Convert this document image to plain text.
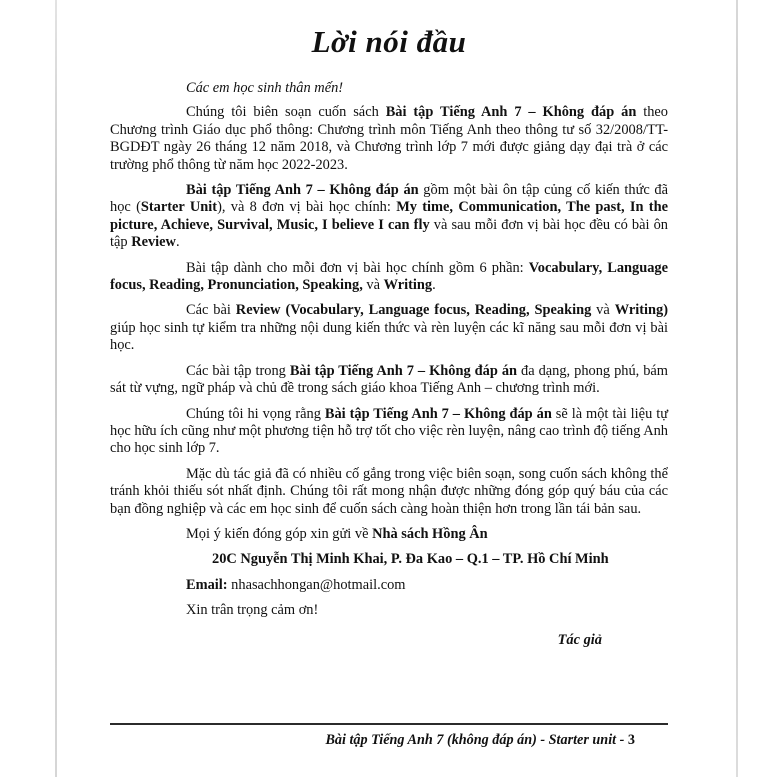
Lời nói đầu

Các em học sinh thân mến!

Chúng tôi biên soạn cuốn sách Bài tập Tiếng Anh 7 – Không đáp án theo Chương trình Giáo dục phổ thông: Chương trình môn Tiếng Anh theo thông tư số 32/2008/TT-BGDĐT ngày 26 tháng 12 năm 2018, và Chương trình lớp 7 mới được giảng dạy đại trà ở các trường phổ thông từ năm học 2022-2023.

Bài tập Tiếng Anh 7 – Không đáp án gồm một bài ôn tập củng cố kiến thức đã học (Starter Unit), và 8 đơn vị bài học chính: My time, Communication, The past, In the picture, Achieve, Survival, Music, I believe I can fly và sau mỗi đơn vị bài học đều có bài ôn tập Review.

Bài tập dành cho mỗi đơn vị bài học chính gồm 6 phần: Vocabulary, Language focus, Reading, Pronunciation, Speaking, và Writing.

Các bài Review (Vocabulary, Language focus, Reading, Speaking và Writing) giúp học sinh tự kiểm tra những nội dung kiến thức và rèn luyện các kĩ năng sau mỗi đơn vị bài học.

Các bài tập trong Bài tập Tiếng Anh 7 – Không đáp án đa dạng, phong phú, bám sát từ vựng, ngữ pháp và chủ đề trong sách giáo khoa Tiếng Anh – chương trình mới.

Chúng tôi hi vọng rằng Bài tập Tiếng Anh 7 – Không đáp án sẽ là một tài liệu tự học hữu ích cũng như một phương tiện hỗ trợ tốt cho việc rèn luyện, nâng cao trình độ tiếng Anh cho học sinh lớp 7.

Mặc dù tác giả đã có nhiều cố gắng trong việc biên soạn, song cuốn sách không thể tránh khỏi thiếu sót nhất định. Chúng tôi rất mong nhận được những đóng góp quý báu của các bạn đồng nghiệp và các em học sinh để cuốn sách càng hoàn thiện hơn trong lần tái bản sau.

Mọi ý kiến đóng góp xin gửi về Nhà sách Hồng Ân

20C Nguyễn Thị Minh Khai, P. Đa Kao – Q.1 – TP. Hồ Chí Minh

Email: nhasachhongan@hotmail.com

Xin trân trọng cảm ơn!

Tác giả

Bài tập Tiếng Anh 7 (không đáp án) - Starter unit - 3
